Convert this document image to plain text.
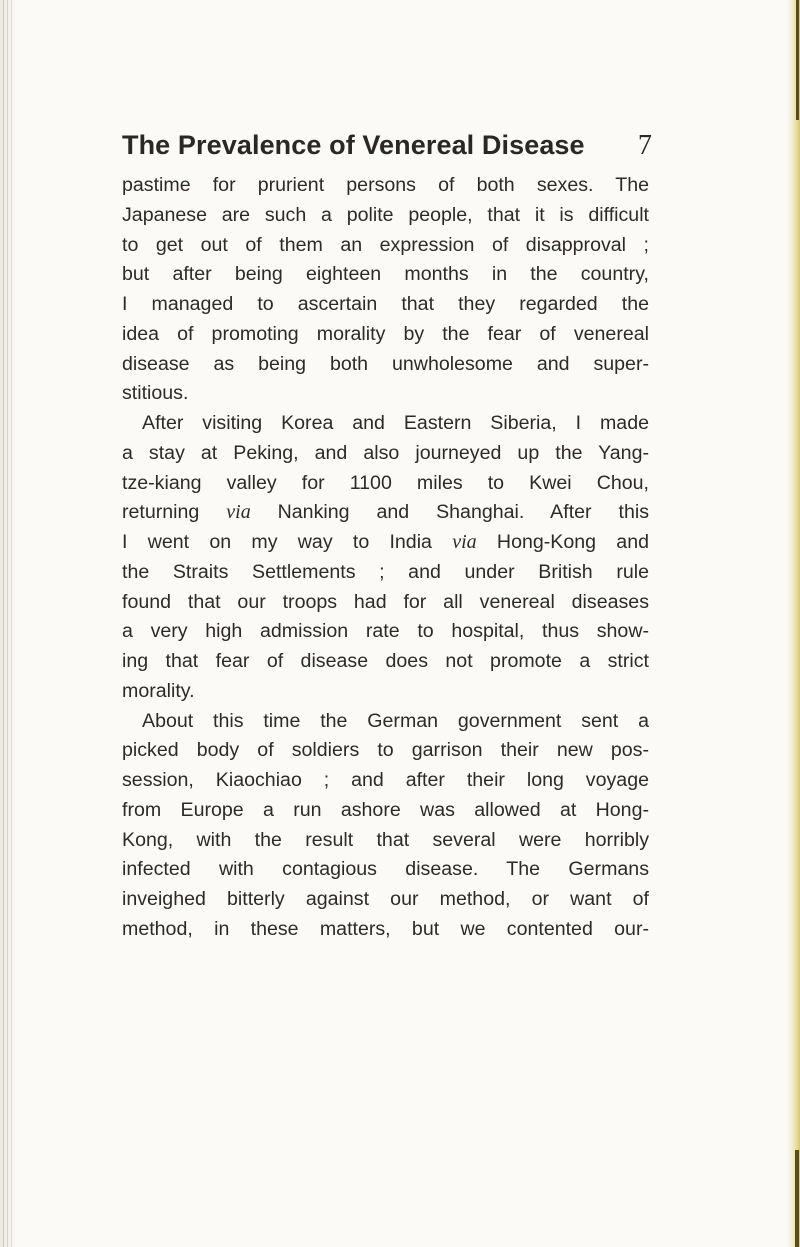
The Prevalence of Venereal Disease 7
pastime for prurient persons of both sexes. The
Japanese are such a polite people, that it is difficult
to get out of them an expression of disapproval ;
but after being eighteen months in the country,
I managed to ascertain that they regarded the
idea of promoting morality by the fear of venereal
disease as being both unwholesome and super-
stitious.
After visiting Korea and Eastern Siberia, I made
a stay at Peking, and also journeyed up the Yang-
tze-kiang valley for 1100 miles to Kwei Chou,
returning via Nanking and Shanghai. After this
I went on my way to India via Hong-Kong and
the Straits Settlements ; and under British rule
found that our troops had for all venereal diseases
a very high admission rate to hospital, thus show-
ing that fear of disease does not promote a strict
morality.
About this time the German government sent a
picked body of soldiers to garrison their new pos-
session, Kiaochiao ; and after their long voyage
from Europe a run ashore was allowed at Hong-
Kong, with the result that several were horribly
infected with contagious disease. The Germans
inveighed bitterly against our method, or want of
method, in these matters, but we contented our-
